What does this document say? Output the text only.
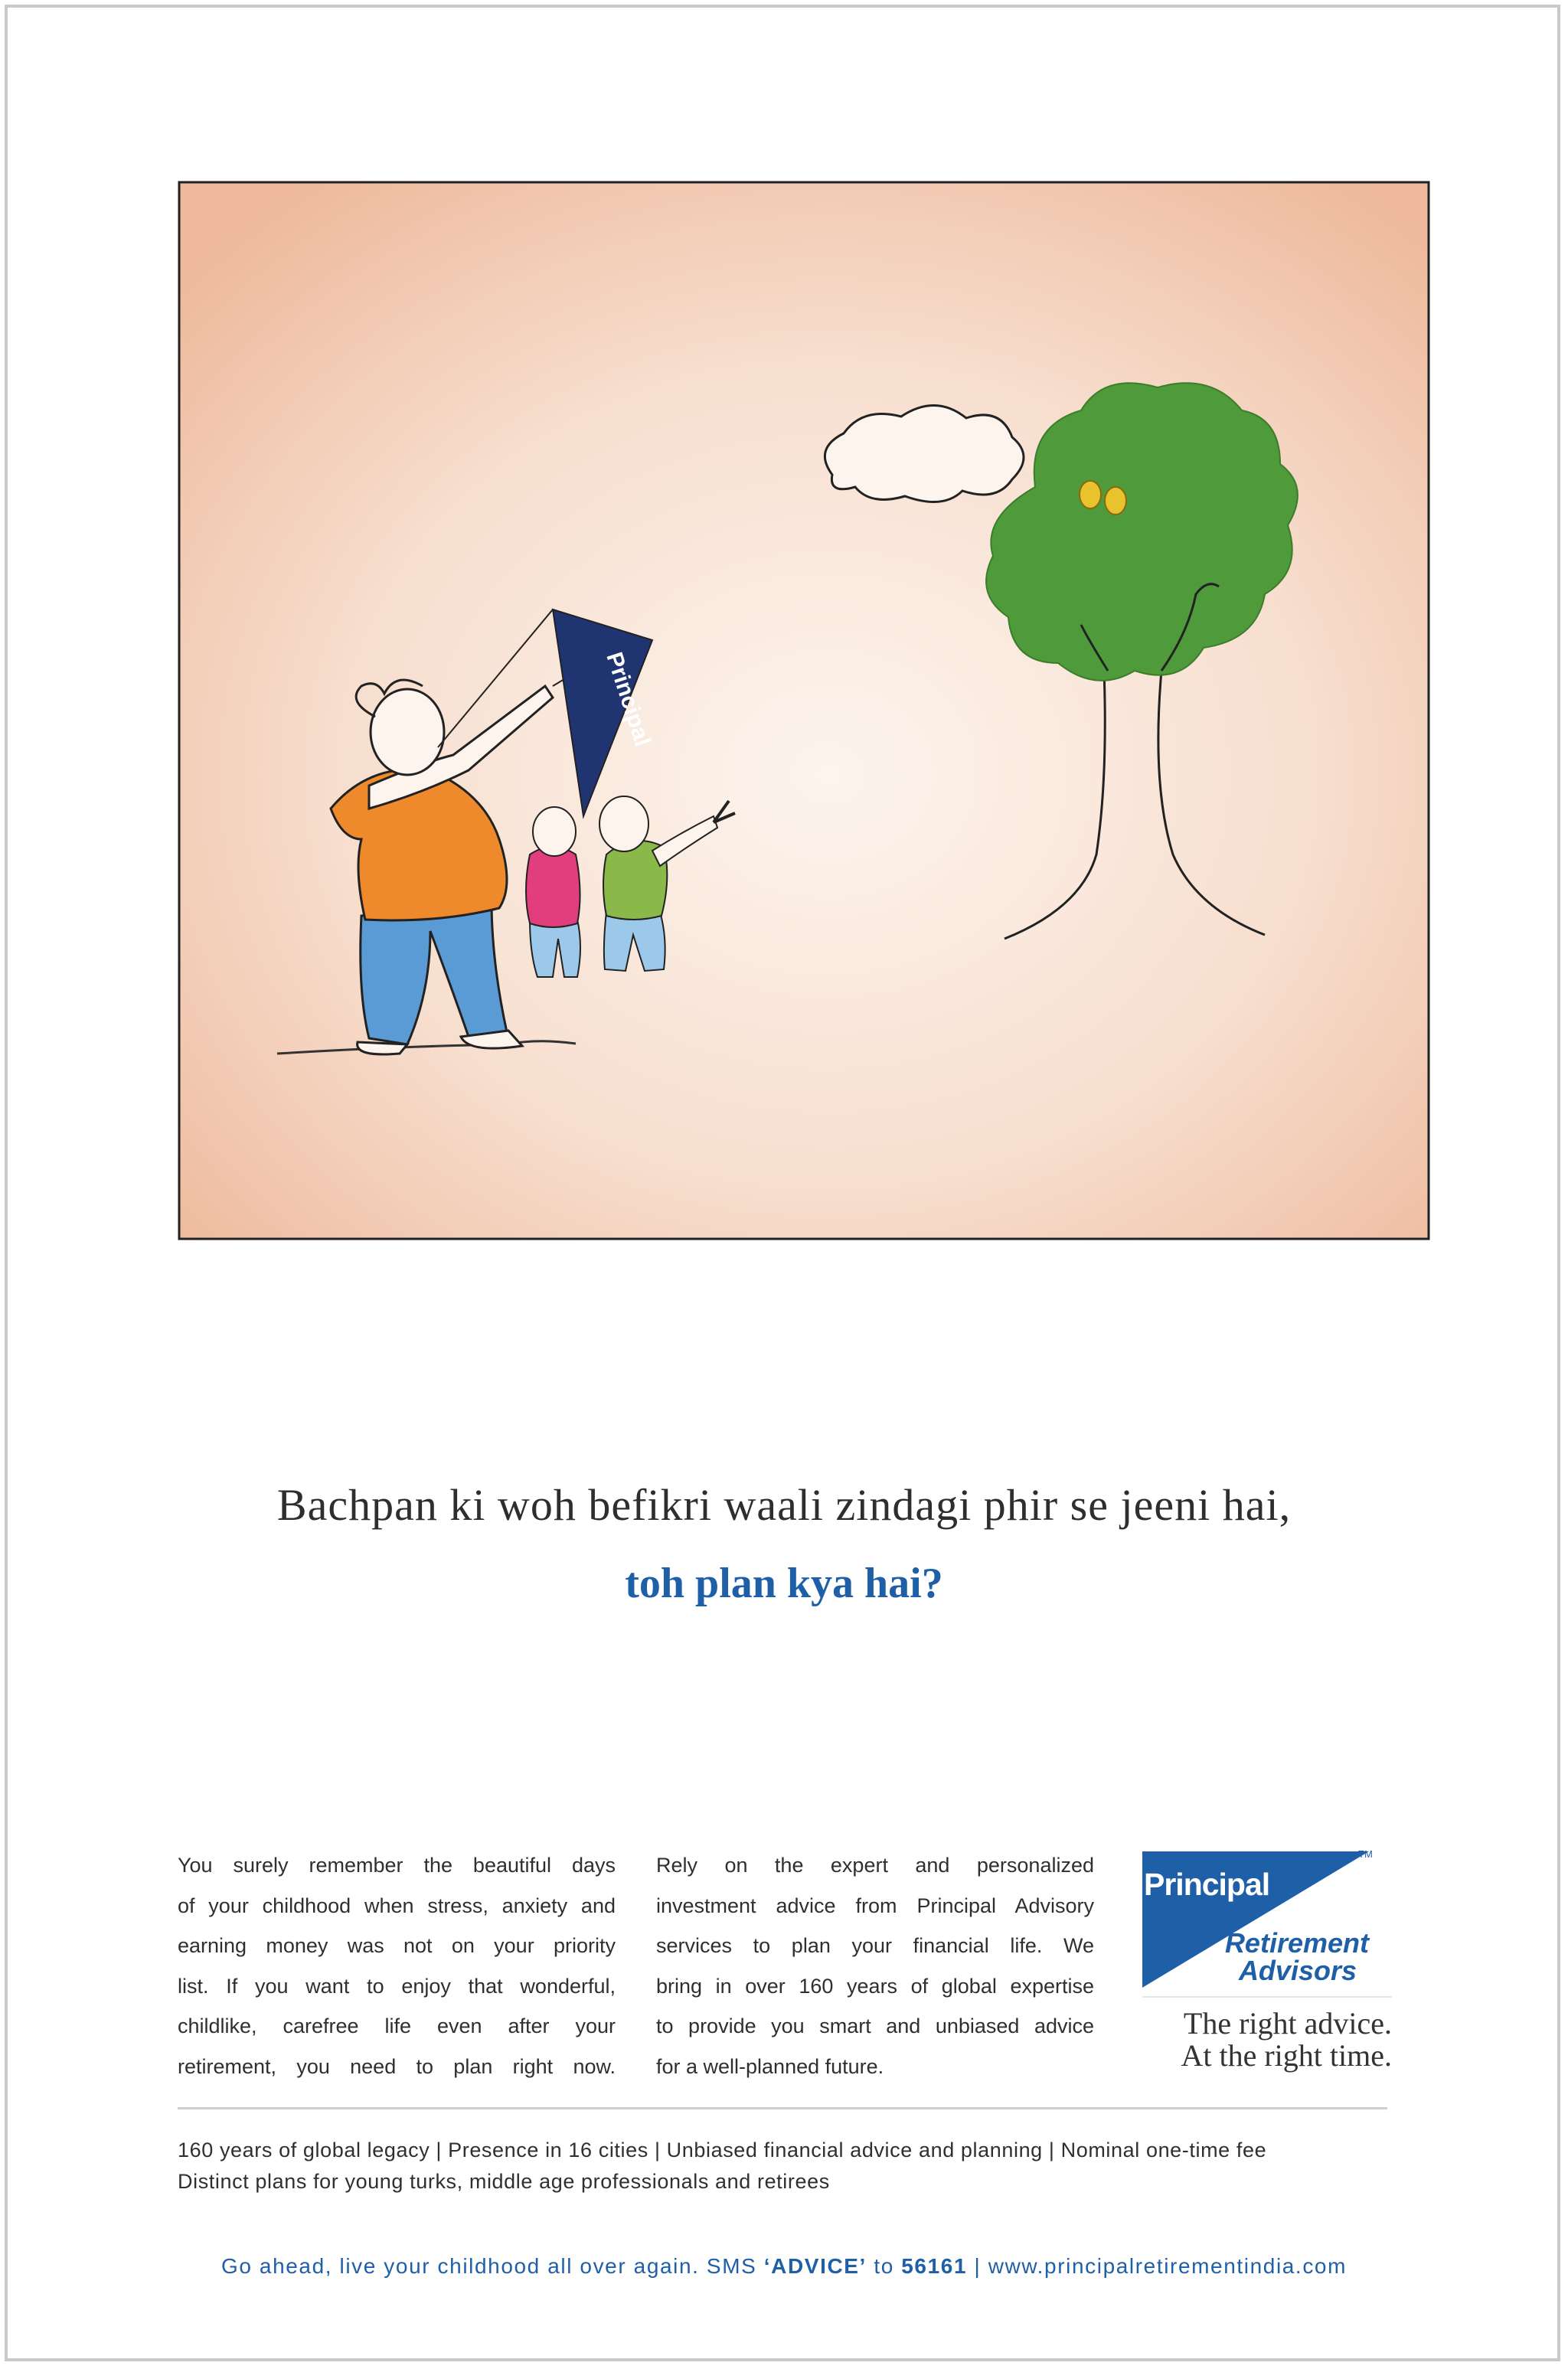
Principal
Bachpan ki woh befikri waali zindagi phir se jeeni hai,
toh plan kya hai?
You surely remember the beautiful days
of your childhood when stress, anxiety and
earning money was not on your priority
list. If you want to enjoy that wonderful,
childlike, carefree life even after your
retirement, you need to plan right now.
Rely on the expert and personalized
investment advice from Principal Advisory
services to plan your financial life. We
bring in over 160 years of global expertise
to provide you smart and unbiased advice
for a well-planned future.
Principal
TM
Retirement
Advisors
The right advice.
At the right time.
160 years of global legacy | Presence in 16 cities | Unbiased financial advice and planning | Nominal one-time fee
Distinct plans for young turks, middle age professionals and retirees
Go ahead, live your childhood all over again. SMS ‘ADVICE’ to 56161 | www.principalretirementindia.com
